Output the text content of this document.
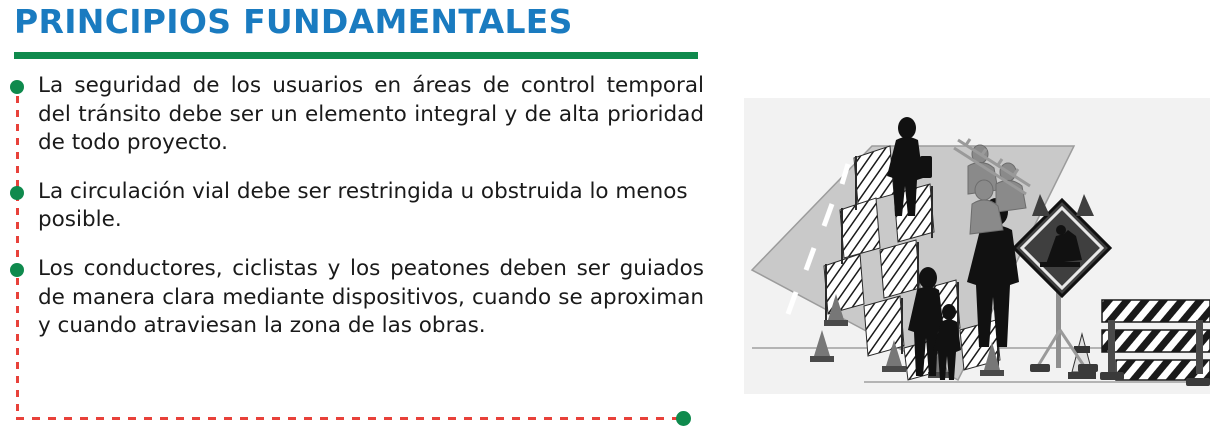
PRINCIPIOS FUNDAMENTALES
La seguridad de los usuarios en áreas de control temporal del tránsito debe ser un elemento integral y de alta prioridad de todo proyecto.
La circulación vial debe ser restringida u obstruida lo menos posible.
Los conductores, ciclistas y los peatones deben ser guiados de manera clara mediante dispositivos, cuando se aproximan y cuando atraviesan la zona de las obras.
